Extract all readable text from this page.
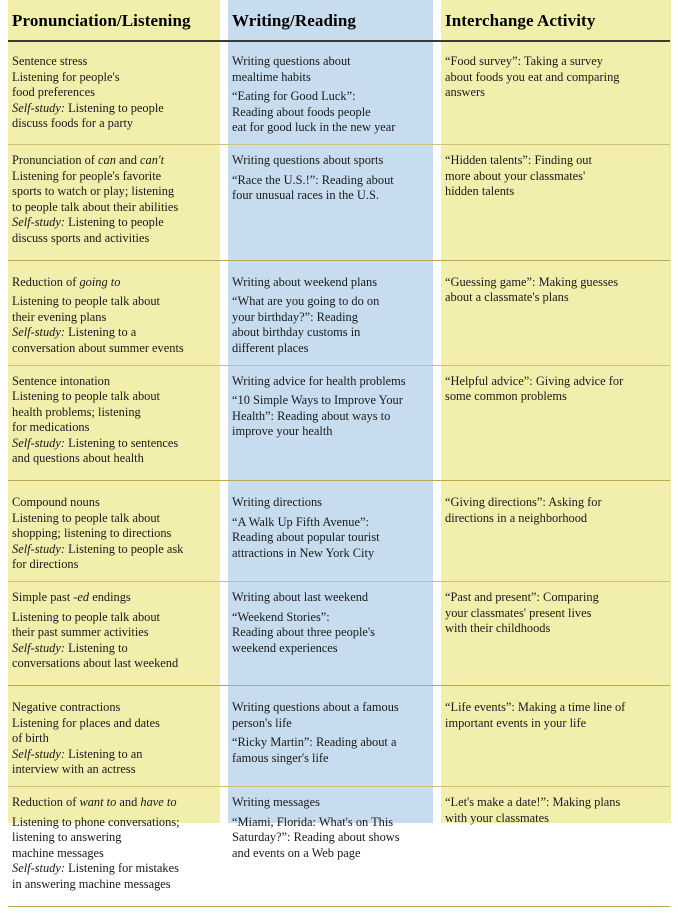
Pronunciation/Listening Writing/Reading	Interchange Activity

Sentence stress

Listening for people's

food preferences

Self-study: Listening to people

discuss foods for a party

Writing questions about

mealtime habits

“Eating for Good Luck”:

Reading about foods people

eat for good luck in the new year

“Food survey”: Taking a survey

about foods you eat and comparing

answers

Pronunciation of can and can't

Listening for people's favorite

sports to watch or play; listening

to people talk about their abilities

Self-study: Listening to people

discuss sports and activities

Writing questions about sports

“Race the U.S.!”: Reading about

four unusual races in the U.S.

“Hidden talents”: Finding out

more about your classmates'

hidden talents

Reduction of going to

Listening to people talk about

their evening plans

Self-study: Listening to a

conversation about summer events

Writing about weekend plans

“What are you going to do on

your birthday?”: Reading

about birthday customs in

different places

“Guessing game”: Making guesses

about a classmate's plans

Sentence intonation

Listening to people talk about

health problems; listening

for medications

Self-study: Listening to sentences

and questions about health

Writing advice for health problems

“10 Simple Ways to Improve Your

Health”: Reading about ways to

improve your health

“Helpful advice”: Giving advice for

some common problems

Compound nouns

Listening to people talk about

shopping; listening to directions

Self-study: Listening to people ask

for directions

Writing directions

“A Walk Up Fifth Avenue”:

Reading about popular tourist

attractions in New York City

“Giving directions”: Asking for

directions in a neighborhood

Simple past -ed endings

Listening to people talk about

their past summer activities

Self-study: Listening to

conversations about last weekend

Writing about last weekend

“Weekend Stories”:

Reading about three people's

weekend experiences

“Past and present”: Comparing

your classmates' present lives

with their childhoods

Negative contractions

Listening for places and dates

of birth

Self-study: Listening to an

interview with an actress

Writing questions about a famous

person's life

“Ricky Martin”: Reading about a

famous singer's life

“Life events”: Making a time line of

important events in your life

Reduction of want to and have to

Listening to phone conversations;

listening to answering

machine messages

Self-study: Listening for mistakes

in answering machine messages

Writing messages

“Miami, Florida: What's on This

Saturday?”: Reading about shows

and events on a Web page

“Let's make a date!”: Making plans

with your classmates
